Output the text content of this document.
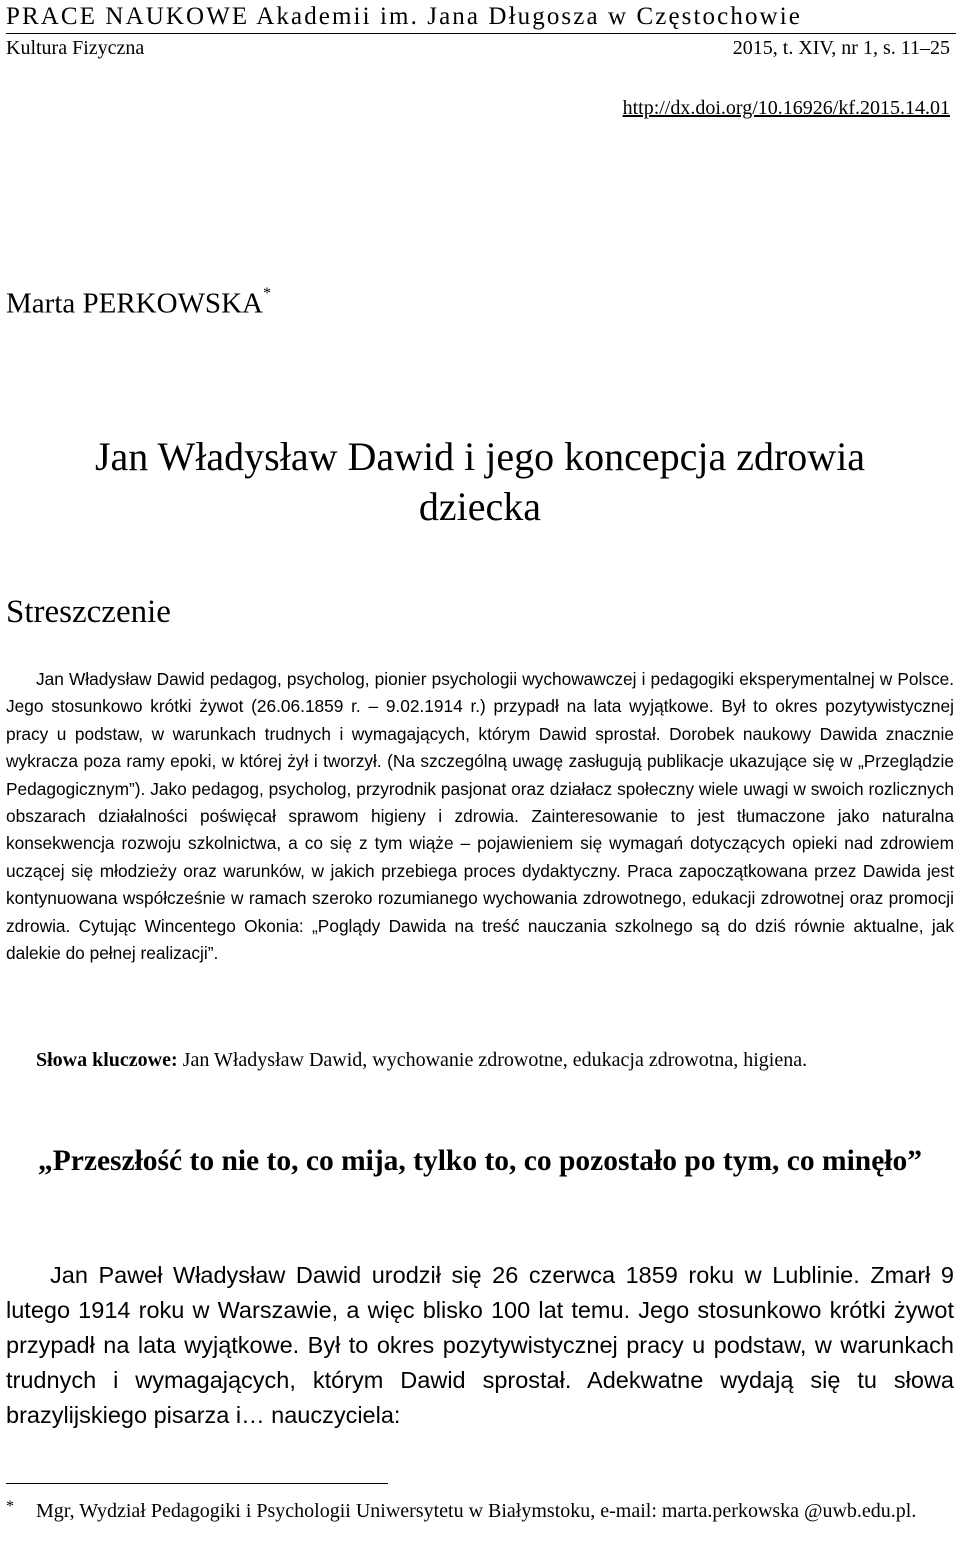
PRACE NAUKOWE Akademii im. Jana Długosza w Częstochowie
Kultura Fizyczna	2015, t. XIV, nr 1, s. 11–25
http://dx.doi.org/10.16926/kf.2015.14.01
Marta PERKOWSKA*
Jan Władysław Dawid i jego koncepcja zdrowia dziecka
Streszczenie

Jan Władysław Dawid pedagog, psycholog, pionier psychologii wychowawczej i pedagogiki eksperymentalnej w Polsce. Jego stosunkowo krótki żywot (26.06.1859 r. – 9.02.1914 r.) przypadł na lata wyjątkowe. Był to okres pozytywistycznej pracy u podstaw, w warunkach trudnych i wymagających, którym Dawid sprostał. Dorobek naukowy Dawida znacznie wykracza poza ramy epoki, w której żył i tworzył. (Na szczególną uwagę zasługują publikacje ukazujące się w „Przeglądzie Pedagogicznym”). Jako pedagog, psycholog, przyrodnik pasjonat oraz działacz społeczny wiele uwagi w swoich rozlicznych obszarach działalności poświęcał sprawom higieny i zdrowia. Zainteresowanie to jest tłumaczone jako naturalna konsekwencja rozwoju szkolnictwa, a co się z tym wiąże – pojawieniem się wymagań dotyczących opieki nad zdrowiem uczącej się młodzieży oraz warunków, w jakich przebiega proces dydaktyczny. Praca zapoczątkowana przez Dawida jest kontynuowana współcześnie w ramach szeroko rozumianego wychowania zdrowotnego, edukacji zdrowotnej oraz promocji zdrowia. Cytując Wincentego Okonia: „Poglądy Dawida na treść nauczania szkolnego są do dziś równie aktualne, jak dalekie do pełnej realizacji”.

Słowa kluczowe: Jan Władysław Dawid, wychowanie zdrowotne, edukacja zdrowotna, higiena.
„Przeszłość to nie to, co mija, tylko to, co pozostało po tym, co minęło”

Jan Paweł Władysław Dawid urodził się 26 czerwca 1859 roku w Lublinie. Zmarł 9 lutego 1914 roku w Warszawie, a więc blisko 100 lat temu. Jego stosunkowo krótki żywot przypadł na lata wyjątkowe. Był to okres pozytywistycznej pracy u podstaw, w warunkach trudnych i wymagających, którym Dawid sprostał. Adekwatne wydają się tu słowa brazylijskiego pisarza i… nauczyciela:

*	Mgr, Wydział Pedagogiki i Psychologii Uniwersytetu w Białymstoku, e-mail: marta.perkowska @uwb.edu.pl.
